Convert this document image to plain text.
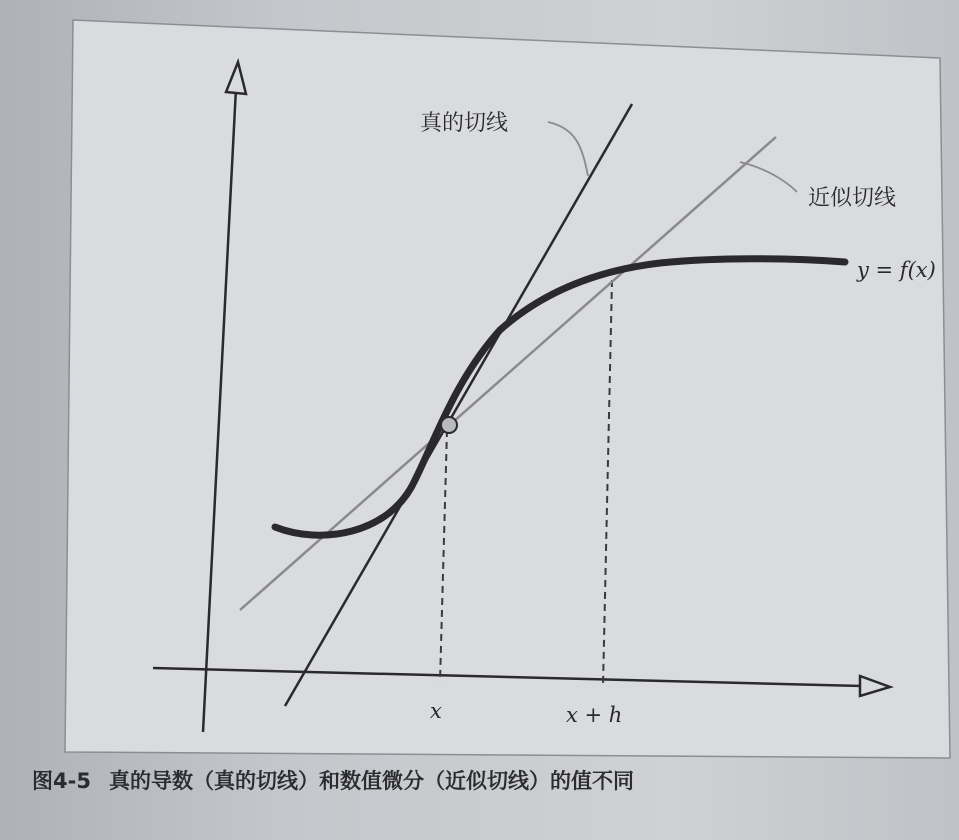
真的切线
近似切线
y = f(x)
x	x + h
图4-5 真的导数（真的切线）和数值微分（近似切线）的值不同
